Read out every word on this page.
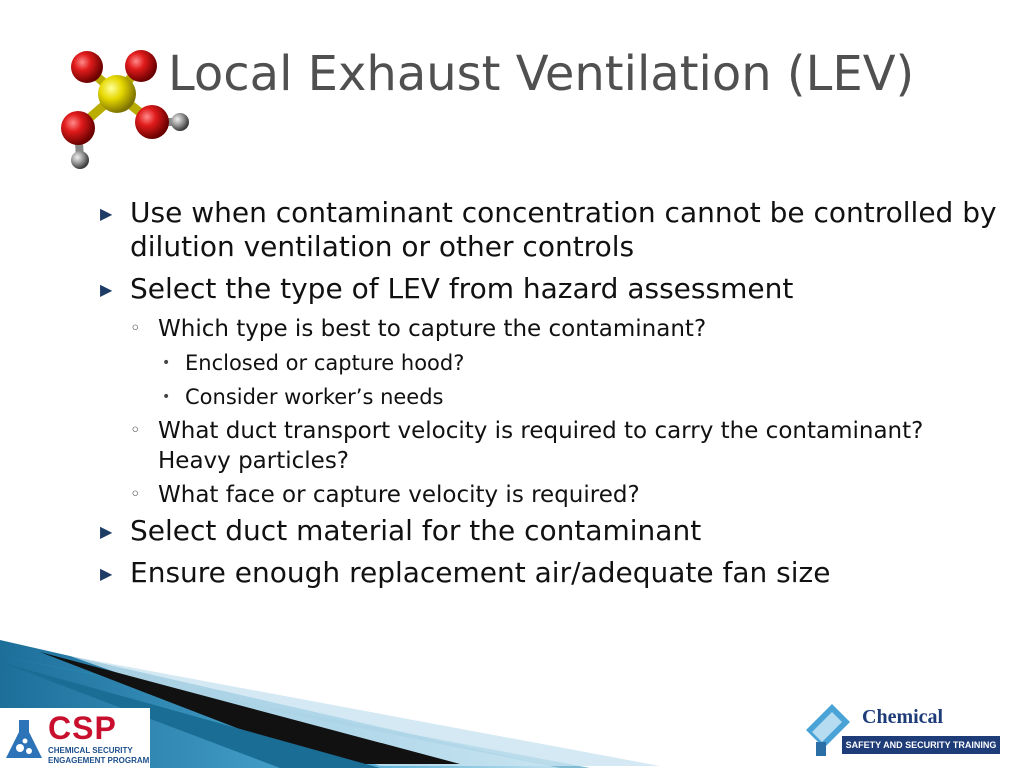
Local Exhaust Ventilation (LEV)
▶ Use when contaminant concentration cannot be controlled by dilution ventilation or other controls
▶ Select the type of LEV from hazard assessment
◦ Which type is best to capture the contaminant?
• Enclosed or capture hood?
• Consider worker’s needs
◦ What duct transport velocity is required to carry the contaminant? Heavy particles?
◦ What face or capture velocity is required?
▶ Select duct material for the contaminant
▶ Ensure enough replacement air/adequate fan size
CSP
CHEMICAL SECURITY
ENGAGEMENT PROGRAM
Chemical
SAFETY AND SECURITY TRAINING
